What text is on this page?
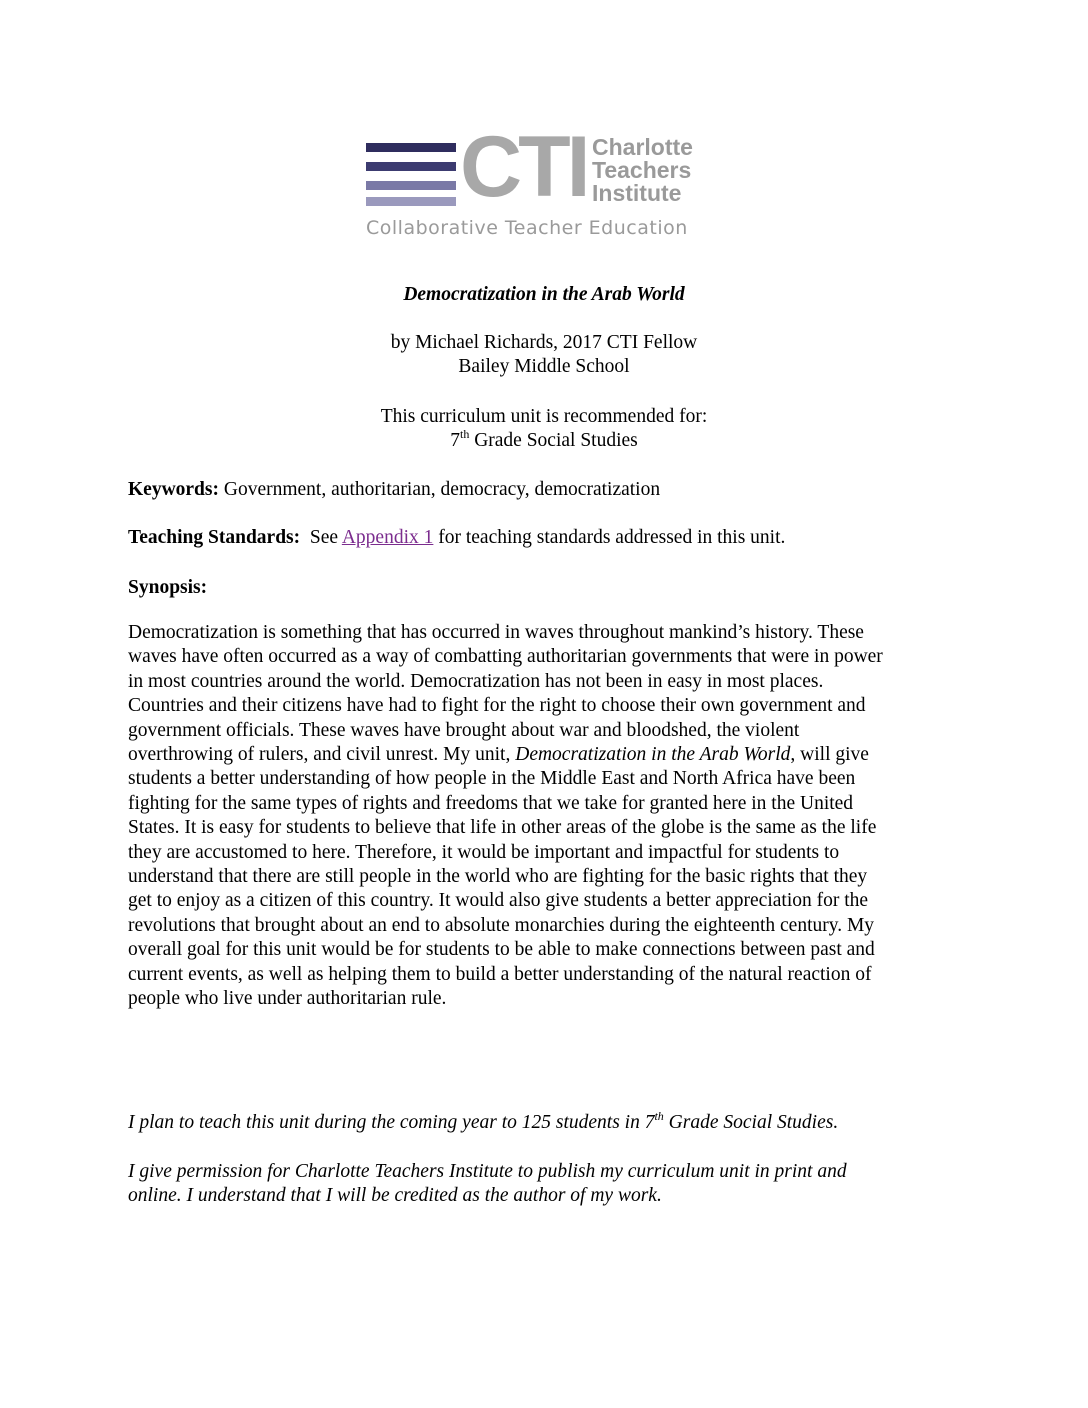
CTI Charlotte
Teachers
Institute
Collaborative Teacher Education
Democratization in the Arab World
by Michael Richards, 2017 CTI Fellow
Bailey Middle School
This curriculum unit is recommended for:
7th Grade Social Studies
Keywords: Government, authoritarian, democracy, democratization
Teaching Standards:  See Appendix 1 for teaching standards addressed in this unit.
Synopsis:
Democratization is something that has occurred in waves throughout mankind’s history. These
waves have often occurred as a way of combatting authoritarian governments that were in power
in most countries around the world. Democratization has not been in easy in most places.
Countries and their citizens have had to fight for the right to choose their own government and
government officials. These waves have brought about war and bloodshed, the violent
overthrowing of rulers, and civil unrest. My unit, Democratization in the Arab World, will give
students a better understanding of how people in the Middle East and North Africa have been
fighting for the same types of rights and freedoms that we take for granted here in the United
States. It is easy for students to believe that life in other areas of the globe is the same as the life
they are accustomed to here. Therefore, it would be important and impactful for students to
understand that there are still people in the world who are fighting for the basic rights that they
get to enjoy as a citizen of this country. It would also give students a better appreciation for the
revolutions that brought about an end to absolute monarchies during the eighteenth century. My
overall goal for this unit would be for students to be able to make connections between past and
current events, as well as helping them to build a better understanding of the natural reaction of
people who live under authoritarian rule.
I plan to teach this unit during the coming year to 125 students in 7th Grade Social Studies.
I give permission for Charlotte Teachers Institute to publish my curriculum unit in print and
online. I understand that I will be credited as the author of my work.
